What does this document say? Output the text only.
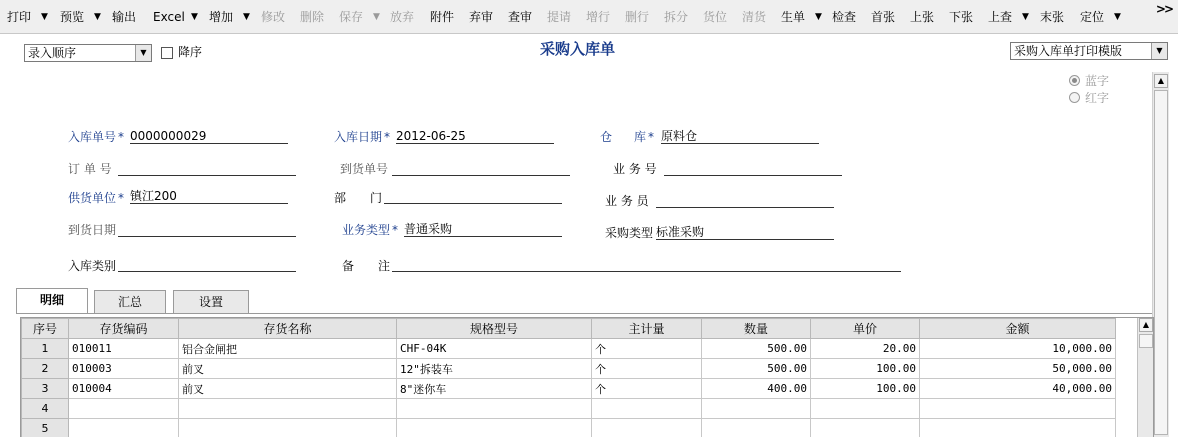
>>
打印 ▼ 预览 ▼ 输出 Excel ▼ 增加 ▼ 修改 删除 保存 ▼ 放弃 附件 弃审 查审 提请 增行 删行 拆分 货位 清货 生单 ▼ 检查 首张 上张 下张 上查 ▼ 末张 定位 ▼
录入顺序	▼	降序	采购入库单	采购入库单打印模版	▼
蓝字
红字
▲
入库单号 * 0000000029	入库日期 * 2012-06-25	仓 库 * 原料仓
订 单 号	到货单号	业 务 号
供货单位 * 镇江200	部 门	业 务 员
到货日期	业务类型 * 普通采购	采购类型 标准采购
入库类别	备 注
明细	汇总	设置
序号	存货编码	存货名称	规格型号	主计量	数量	单价	金额
1	010011	铝合金闸把	CHF-04K	个	500.00	20.00	10,000.00
2	010003	前叉	12"拆装车	个	500.00	100.00	50,000.00
3	010004	前叉	8"迷你车	个	400.00	100.00	40,000.00
4							
5							
▲
